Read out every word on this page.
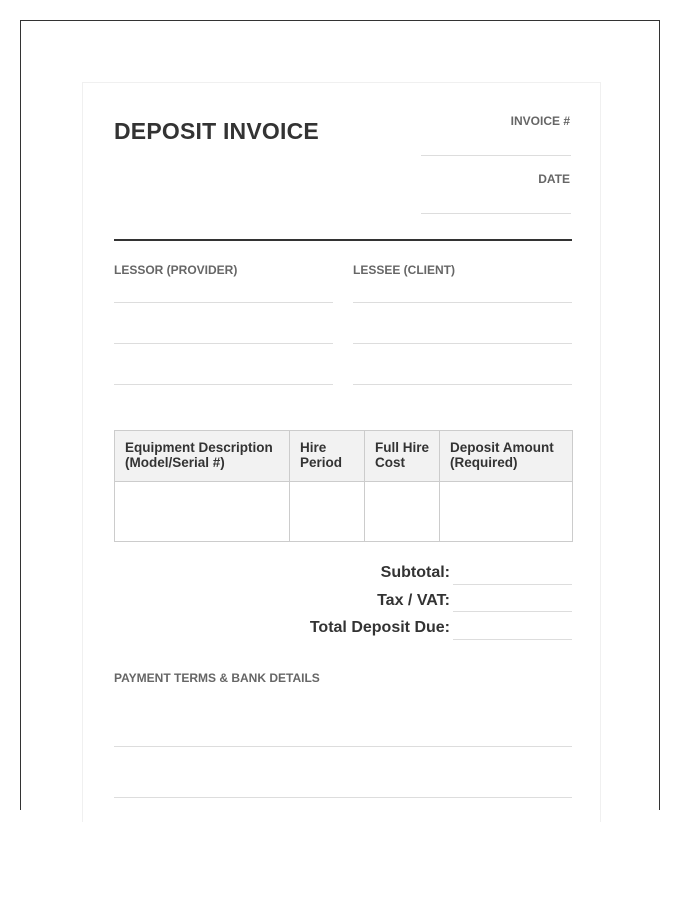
DEPOSIT INVOICE	INVOICE #
DATE
LESSOR (PROVIDER)	LESSEE (CLIENT)
Equipment Description (Model/Serial #)	Hire Period	Full Hire Cost	Deposit Amount (Required)

Subtotal:
Tax / VAT:
Total Deposit Due:
PAYMENT TERMS & BANK DETAILS
